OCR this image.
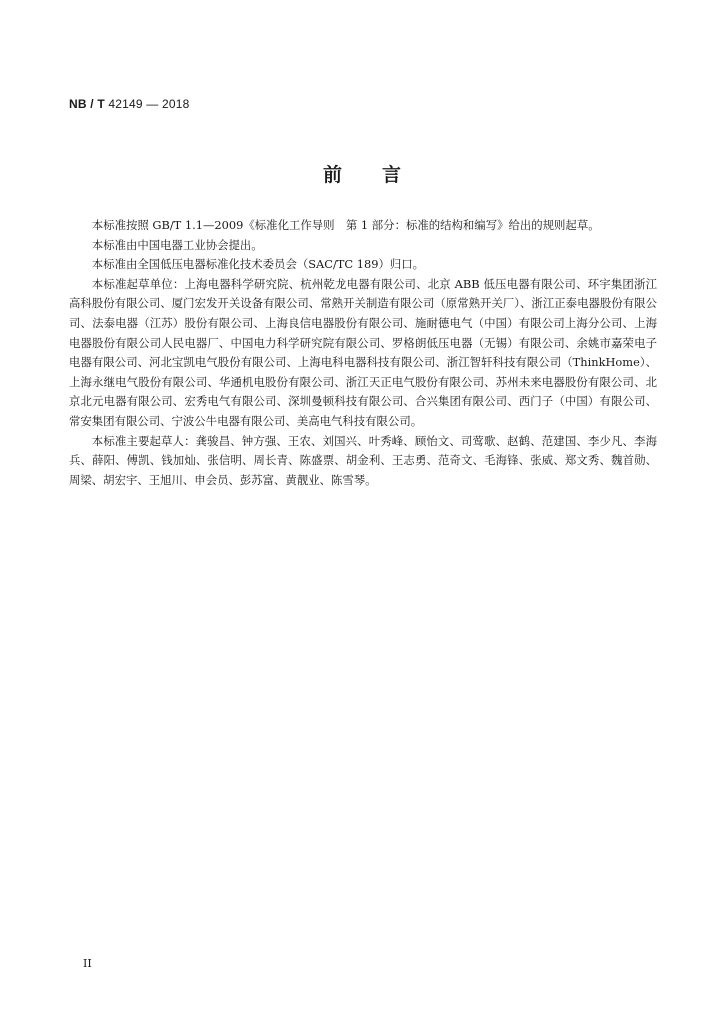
NB / T 42149 — 2018
前言

本标准按照 GB/T 1.1—2009《标准化工作导则　第 1 部分：标准的结构和编写》给出的规则起草。

本标准由中国电器工业协会提出。

本标准由全国低压电器标准化技术委员会（SAC/TC 189）归口。

本标准起草单位：上海电器科学研究院、杭州乾龙电器有限公司、北京 ABB 低压电器有限公司、环宇集团浙江高科股份有限公司、厦门宏发开关设备有限公司、常熟开关制造有限公司（原常熟开关厂）、浙江正泰电器股份有限公司、法泰电器（江苏）股份有限公司、上海良信电器股份有限公司、施耐德电气（中国）有限公司上海分公司、上海电器股份有限公司人民电器厂、中国电力科学研究院有限公司、罗格朗低压电器（无锡）有限公司、余姚市嘉荣电子电器有限公司、河北宝凯电气股份有限公司、上海电科电器科技有限公司、浙江智轩科技有限公司（ThinkHome）、上海永继电气股份有限公司、华通机电股份有限公司、浙江天正电气股份有限公司、苏州未来电器股份有限公司、北京北元电器有限公司、宏秀电气有限公司、深圳曼顿科技有限公司、合兴集团有限公司、西门子（中国）有限公司、常安集团有限公司、宁波公牛电器有限公司、美高电气科技有限公司。

本标准主要起草人：龚骏昌、钟方强、王农、刘国兴、叶秀峰、顾怡文、司莺歌、赵鹤、范建国、李少凡、李海兵、薛阳、傅凯、钱加灿、张信明、周长青、陈盛票、胡金利、王志勇、范奇文、毛海锋、张威、郑文秀、魏首勋、周梁、胡宏宇、王旭川、申会员、彭苏富、黄靓业、陈雪琴。

II
